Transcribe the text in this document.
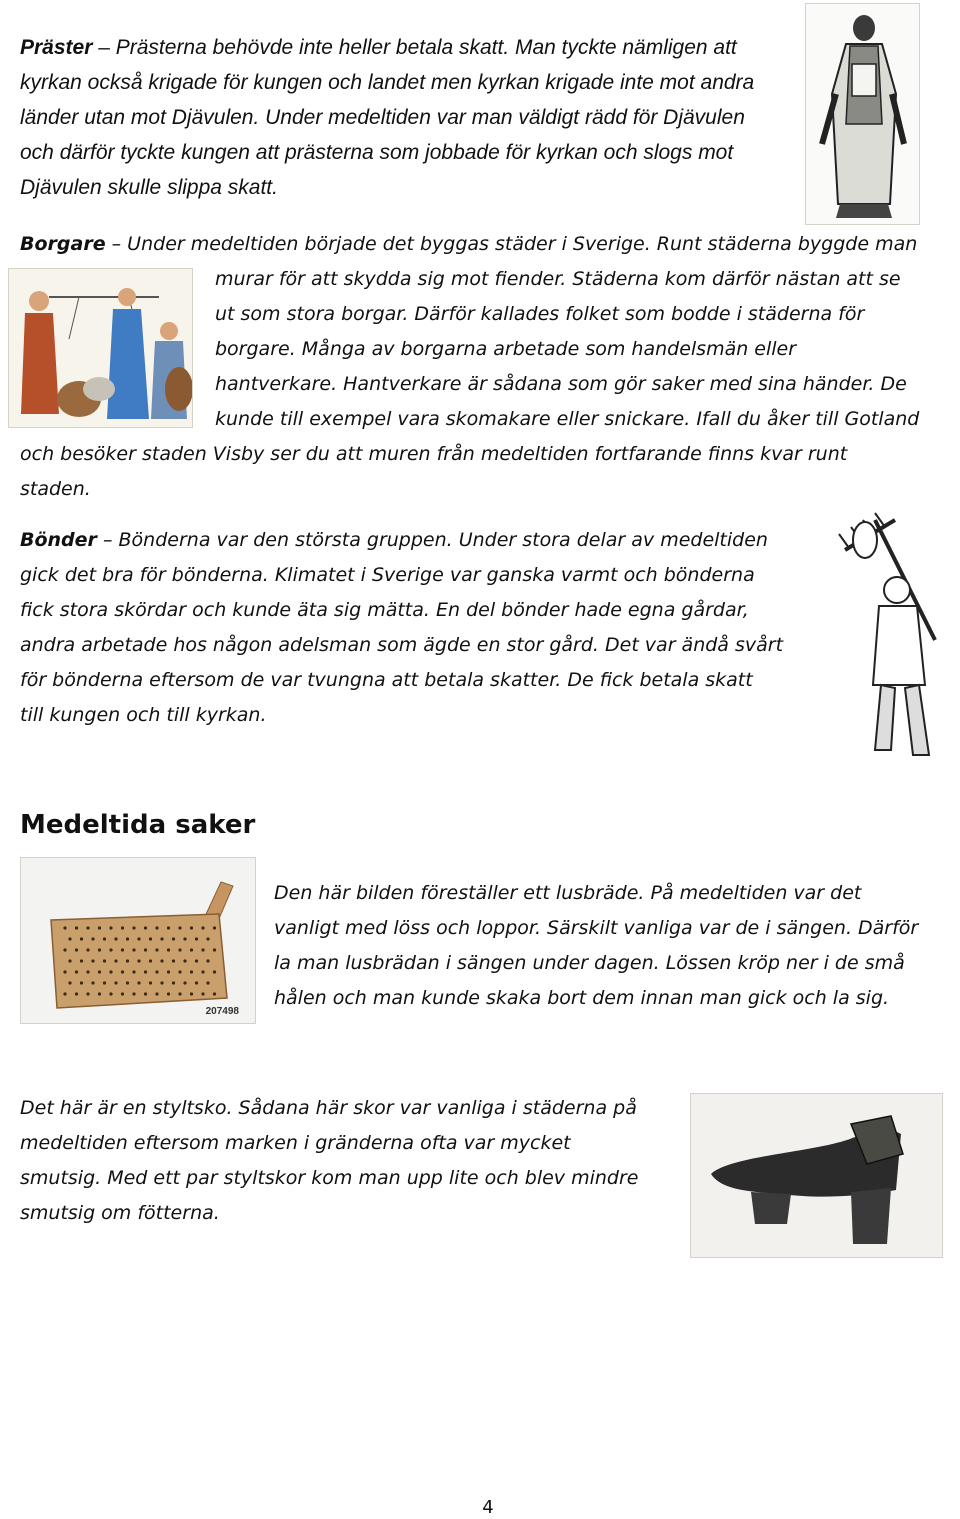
Präster – Prästerna behövde inte heller betala skatt. Man tyckte nämligen att kyrkan också krigade för kungen och landet men kyrkan krigade inte mot andra länder utan mot Djävulen. Under medeltiden var man väldigt rädd för Djävulen och därför tyckte kungen att prästerna som jobbade för kyrkan och slogs mot Djävulen skulle slippa skatt.
Borgare – Under medeltiden började det byggas städer i Sverige. Runt städerna byggde man
murar för att skydda sig mot fiender. Städerna kom därför nästan att se
ut som stora borgar. Därför kallades folket som bodde i städerna för
borgare. Många av borgarna arbetade som handelsmän eller
hantverkare. Hantverkare är sådana som gör saker med sina händer. De
kunde till exempel vara skomakare eller snickare. Ifall du åker till Gotland
och besöker staden Visby ser du att muren från medeltiden fortfarande finns kvar runt
staden.
Bönder – Bönderna var den största gruppen. Under stora delar av medeltiden
gick det bra för bönderna. Klimatet i Sverige var ganska varmt och bönderna
fick stora skördar och kunde äta sig mätta. En del bönder hade egna gårdar,
andra arbetade hos någon adelsman som ägde en stor gård. Det var ändå svårt
för bönderna eftersom de var tvungna att betala skatter. De fick betala skatt
till kungen och till kyrkan.
Medeltida saker
207498
Den här bilden föreställer ett lusbräde. På medeltiden var det
vanligt med löss och loppor. Särskilt vanliga var de i sängen. Därför
la man lusbrädan i sängen under dagen. Lössen kröp ner i de små
hålen och man kunde skaka bort dem innan man gick och la sig.
Det här är en styltsko. Sådana här skor var vanliga i städerna på
medeltiden eftersom marken i gränderna ofta var mycket
smutsig. Med ett par styltskor kom man upp lite och blev mindre
smutsig om fötterna.
4
